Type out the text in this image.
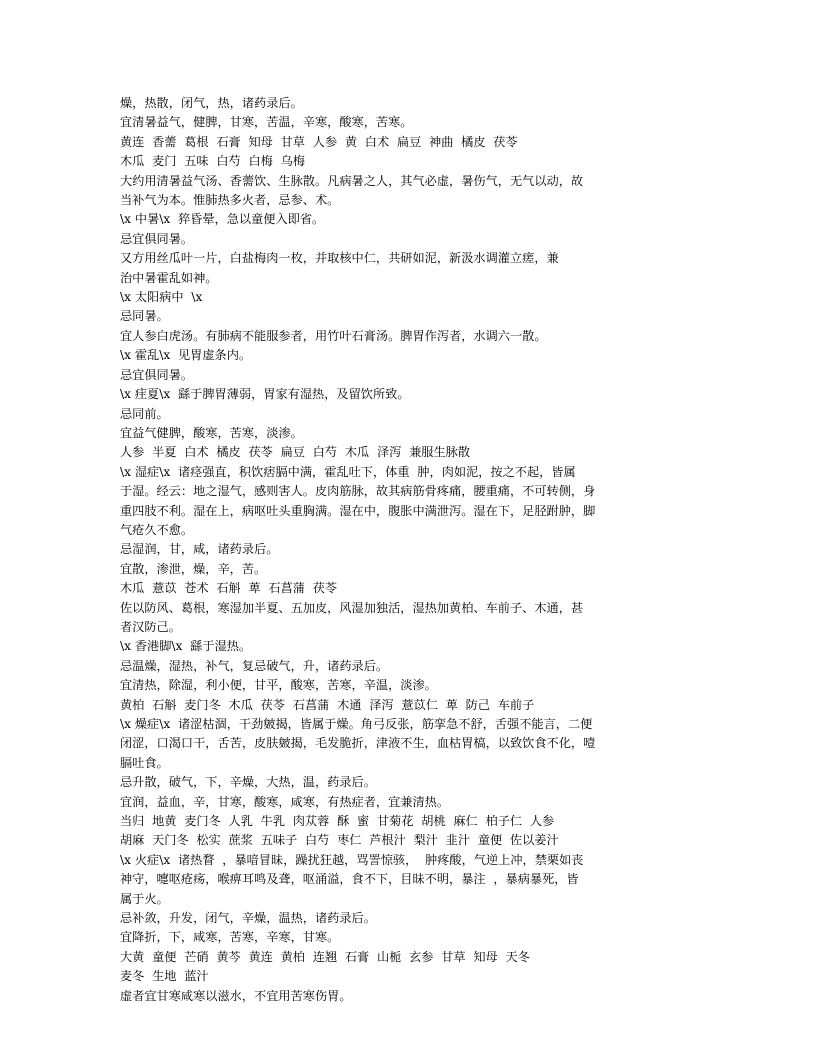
燥，热散，闭气，热，诸药录后。
宜清暑益气，健脾，甘寒，苦温，辛寒，酸寒，苦寒。
黄连  香薷  葛根  石膏  知母  甘草  人参  黄  白术  扁豆  神曲  橘皮  茯苓
木瓜  麦门  五味  白芍  白梅  乌梅
大约用清暑益气汤、香薷饮、生脉散。凡病暑之人，其气必虚，暑伤气，无气以动，故
当补气为本。惟肺热多火者，忌参、术。
\x 中暑\x  猝昏晕，急以童便入即省。
忌宜俱同暑。
又方用丝瓜叶一片，白盐梅肉一枚，并取核中仁，共研如泥，新汲水调灌立瘥，兼
治中暑霍乱如神。
\x 太阳病中  \x
忌同暑。
宜人参白虎汤。有肺病不能服参者，用竹叶石膏汤。脾胃作泻者，水调六一散。
\x 霍乱\x  见胃虚条内。
忌宜俱同暑。
\x 疰夏\x  繇于脾胃薄弱，胃家有湿热，及留饮所致。
忌同前。
宜益气健脾，酸寒，苦寒，淡渗。
人参  半夏  白术  橘皮  茯苓  扁豆  白芍  木瓜  泽泻  兼服生脉散
\x 湿症\x  诸痉强直，积饮痞膈中满，霍乱吐下，体重  肿，肉如泥，按之不起，皆属
于湿。经云：地之湿气，感则害人。皮肉筋脉，故其病筋骨疼痛，腰重痛，不可转侧，身
重四肢不利。湿在上，病呕吐头重胸满。湿在中，腹胀中满泄泻。湿在下，足胫跗肿，脚
气疮久不愈。
忌湿润，甘，咸，诸药录后。
宜散，渗泄，燥，辛，苦。
木瓜  薏苡  苍术  石斛  萆  石菖蒲  茯苓
佐以防风、葛根，寒湿加半夏、五加皮，风湿加独活，湿热加黄柏、车前子、木通，甚
者汉防己。
\x 香港脚\x  繇于湿热。
忌温燥，湿热，补气，复忌破气，升，诸药录后。
宜清热，除湿，利小便，甘平，酸寒，苦寒，辛温，淡渗。
黄柏  石斛  麦门冬  木瓜  茯苓  石菖蒲  木通  泽泻  薏苡仁  萆  防己  车前子
\x 燥症\x  诸涩枯涸，干劲皴揭，皆属于燥。角弓反张，筋挛急不舒，舌强不能言，二便
闭涩，口渴口干，舌苦，皮肤皴揭，毛发脆折，津液不生，血枯胃槁，以致饮食不化，噎
膈吐食。
忌升散，破气，下，辛燥，大热，温，药录后。
宜润，益血，辛，甘寒，酸寒，咸寒，有热症者，宜兼清热。
当归  地黄  麦门冬  人乳  牛乳  肉苁蓉  酥  蜜  甘菊花  胡桃  麻仁  柏子仁  人参
胡麻  天门冬  松实  蔗浆  五味子  白芍  枣仁  芦根汁  梨汁  韭汁  童便  佐以姜汁
\x 火症\x  诸热瞀  ，暴喑冒昧，躁扰狂越，骂詈惊骇，  肿疼酸，气逆上冲，禁栗如丧
神守，嚏呕疮疡，喉痹耳鸣及聋，呕涌溢，食不下，目昧不明，暴注  ，暴病暴死，皆
属于火。
忌补敛，升发，闭气，辛燥，温热，诸药录后。
宜降折，下，咸寒，苦寒，辛寒，甘寒。
大黄  童便  芒硝  黄芩  黄连  黄柏  连翘  石膏  山栀  玄参  甘草  知母  天冬
麦冬  生地  蓝汁
虚者宜甘寒咸寒以滋水，不宜用苦寒伤胃。
